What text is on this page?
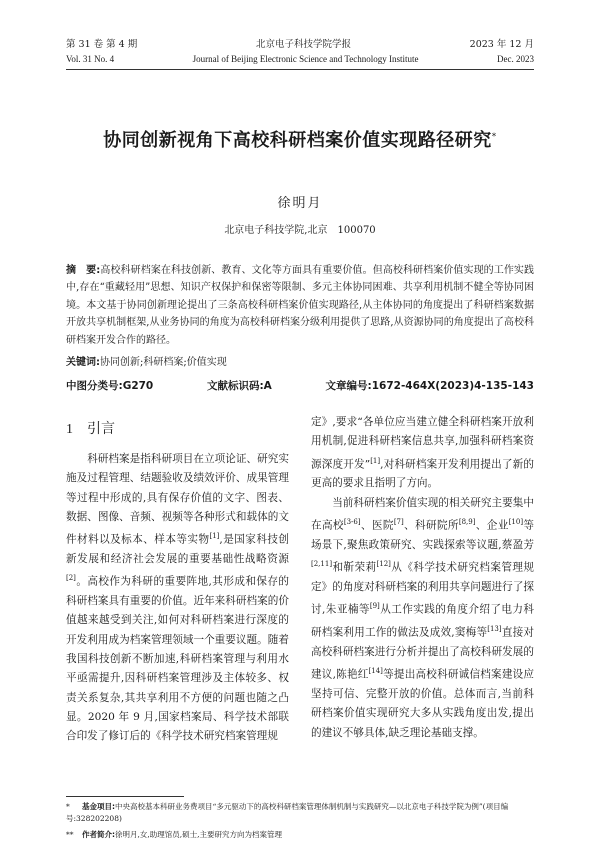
第 31 卷 第 4 期	北京电子科技学院学报	2023 年 12 月
Vol. 31 No. 4	Journal of Beijing Electronic Science and Technology Institute	Dec. 2023
协同创新视角下高校科研档案价值实现路径研究*
徐明月
北京电子科技学院,北京　100070
摘　要:高校科研档案在科技创新、教育、文化等方面具有重要价值。但高校科研档案价值实现的工作实践中,存在“重藏轻用”思想、知识产权保护和保密等限制、多元主体协同困难、共享利用机制不健全等协同困境。本文基于协同创新理论提出了三条高校科研档案价值实现路径,从主体协同的角度提出了科研档案数据开放共享机制框架,从业务协同的角度为高校科研档案分级利用提供了思路,从资源协同的角度提出了高校科研档案开发合作的路径。
关键词:协同创新;科研档案;价值实现
中图分类号:G270	文献标识码:A	文章编号:1672-464X(2023)4-135-143
1 引言

科研档案是指科研项目在立项论证、研究实施及过程管理、结题验收及绩效评价、成果管理等过程中形成的,具有保存价值的文字、图表、数据、图像、音频、视频等各种形式和载体的文件材料以及标本、样本等实物[1],是国家科技创新发展和经济社会发展的重要基础性战略资源[2]。高校作为科研的重要阵地,其形成和保存的科研档案具有重要的价值。近年来科研档案的价值越来越受到关注,如何对科研档案进行深度的开发利用成为档案管理领域一个重要议题。随着我国科技创新不断加速,科研档案管理与利用水平亟需提升,因科研档案管理涉及主体较多、权责关系复杂,其共享利用不方便的问题也随之凸显。2020 年 9 月,国家档案局、科学技术部联合印发了修订后的《科学技术研究档案管理规

定》,要求“各单位应当建立健全科研档案开放利用机制,促进科研档案信息共享,加强科研档案资源深度开发”[1],对科研档案开发利用提出了新的更高的要求且指明了方向。

当前科研档案价值实现的相关研究主要集中在高校[3-6]、医院[7]、科研院所[8,9]、企业[10]等场景下,聚焦政策研究、实践探索等议题,蔡盈芳[2,11]和靳荣莉[12]从《科学技术研究档案管理规定》的角度对科研档案的利用共享问题进行了探讨,朱亚楠等[9]从工作实践的角度介绍了电力科研档案利用工作的做法及成效,窦梅等[13]直接对高校科研档案进行分析并提出了高校科研发展的建议,陈艳红[14]等提出高校科研诚信档案建设应坚持可信、完整开放的价值。总体而言,当前科研档案价值实现研究大多从实践角度出发,提出的建议不够具体,缺乏理论基础支撑。

* 基金项目:中央高校基本科研业务费项目“多元驱动下的高校科研档案管理体制机制与实践研究—以北京电子科技学院为例”(项目编号:328202208)
** 作者简介:徐明月,女,助理馆员,硕士,主要研究方向为档案管理
